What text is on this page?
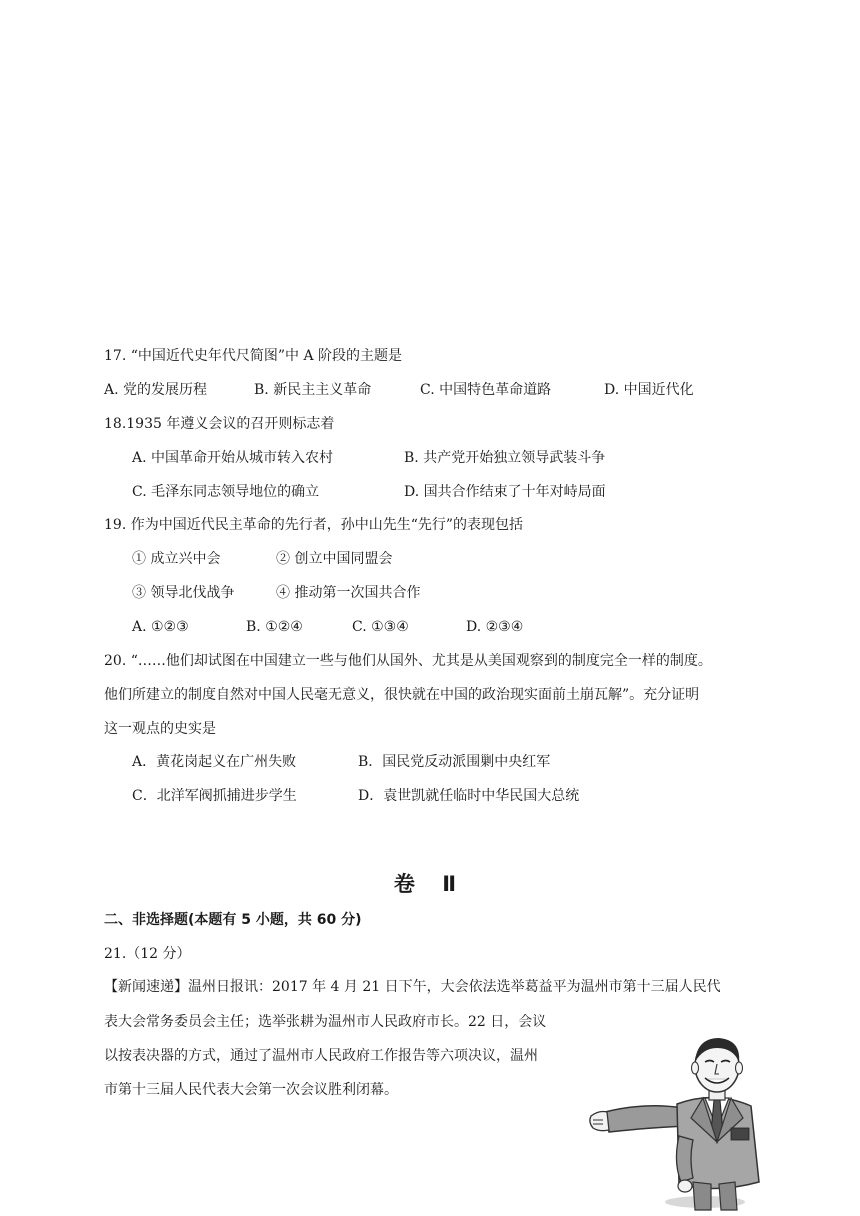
17. “中国近代史年代尺简图”中 A 阶段的主题是
A. 党的发展历程	B. 新民主主义革命	C. 中国特色革命道路	D. 中国近代化
18.1935 年遵义会议的召开则标志着
A. 中国革命开始从城市转入农村	B. 共产党开始独立领导武装斗争
C. 毛泽东同志领导地位的确立	D. 国共合作结束了十年对峙局面
19. 作为中国近代民主革命的先行者，孙中山先生“先行”的表现包括
① 成立兴中会	② 创立中国同盟会
③ 领导北伐战争	④ 推动第一次国共合作
A. ①②③	B. ①②④	C. ①③④	D. ②③④
20. “……他们却试图在中国建立一些与他们从国外、尤其是从美国观察到的制度完全一样的制度。
他们所建立的制度自然对中国人民毫无意义，很快就在中国的政治现实面前土崩瓦解”。充分证明
这一观点的史实是
A．黄花岗起义在广州失败	B．国民党反动派围剿中央红军
C．北洋军阀抓捕进步学生	D．袁世凯就任临时中华民国大总统
卷 Ⅱ
二、非选择题(本题有 5 小题，共 60 分)
21.（12 分）
【新闻速递】温州日报讯：2017 年 4 月 21 日下午，大会依法选举葛益平为温州市第十三届人民代
表大会常务委员会主任；选举张耕为温州市人民政府市长。22 日，会议
以按表决器的方式，通过了温州市人民政府工作报告等六项决议，温州
市第十三届人民代表大会第一次会议胜利闭幕。
